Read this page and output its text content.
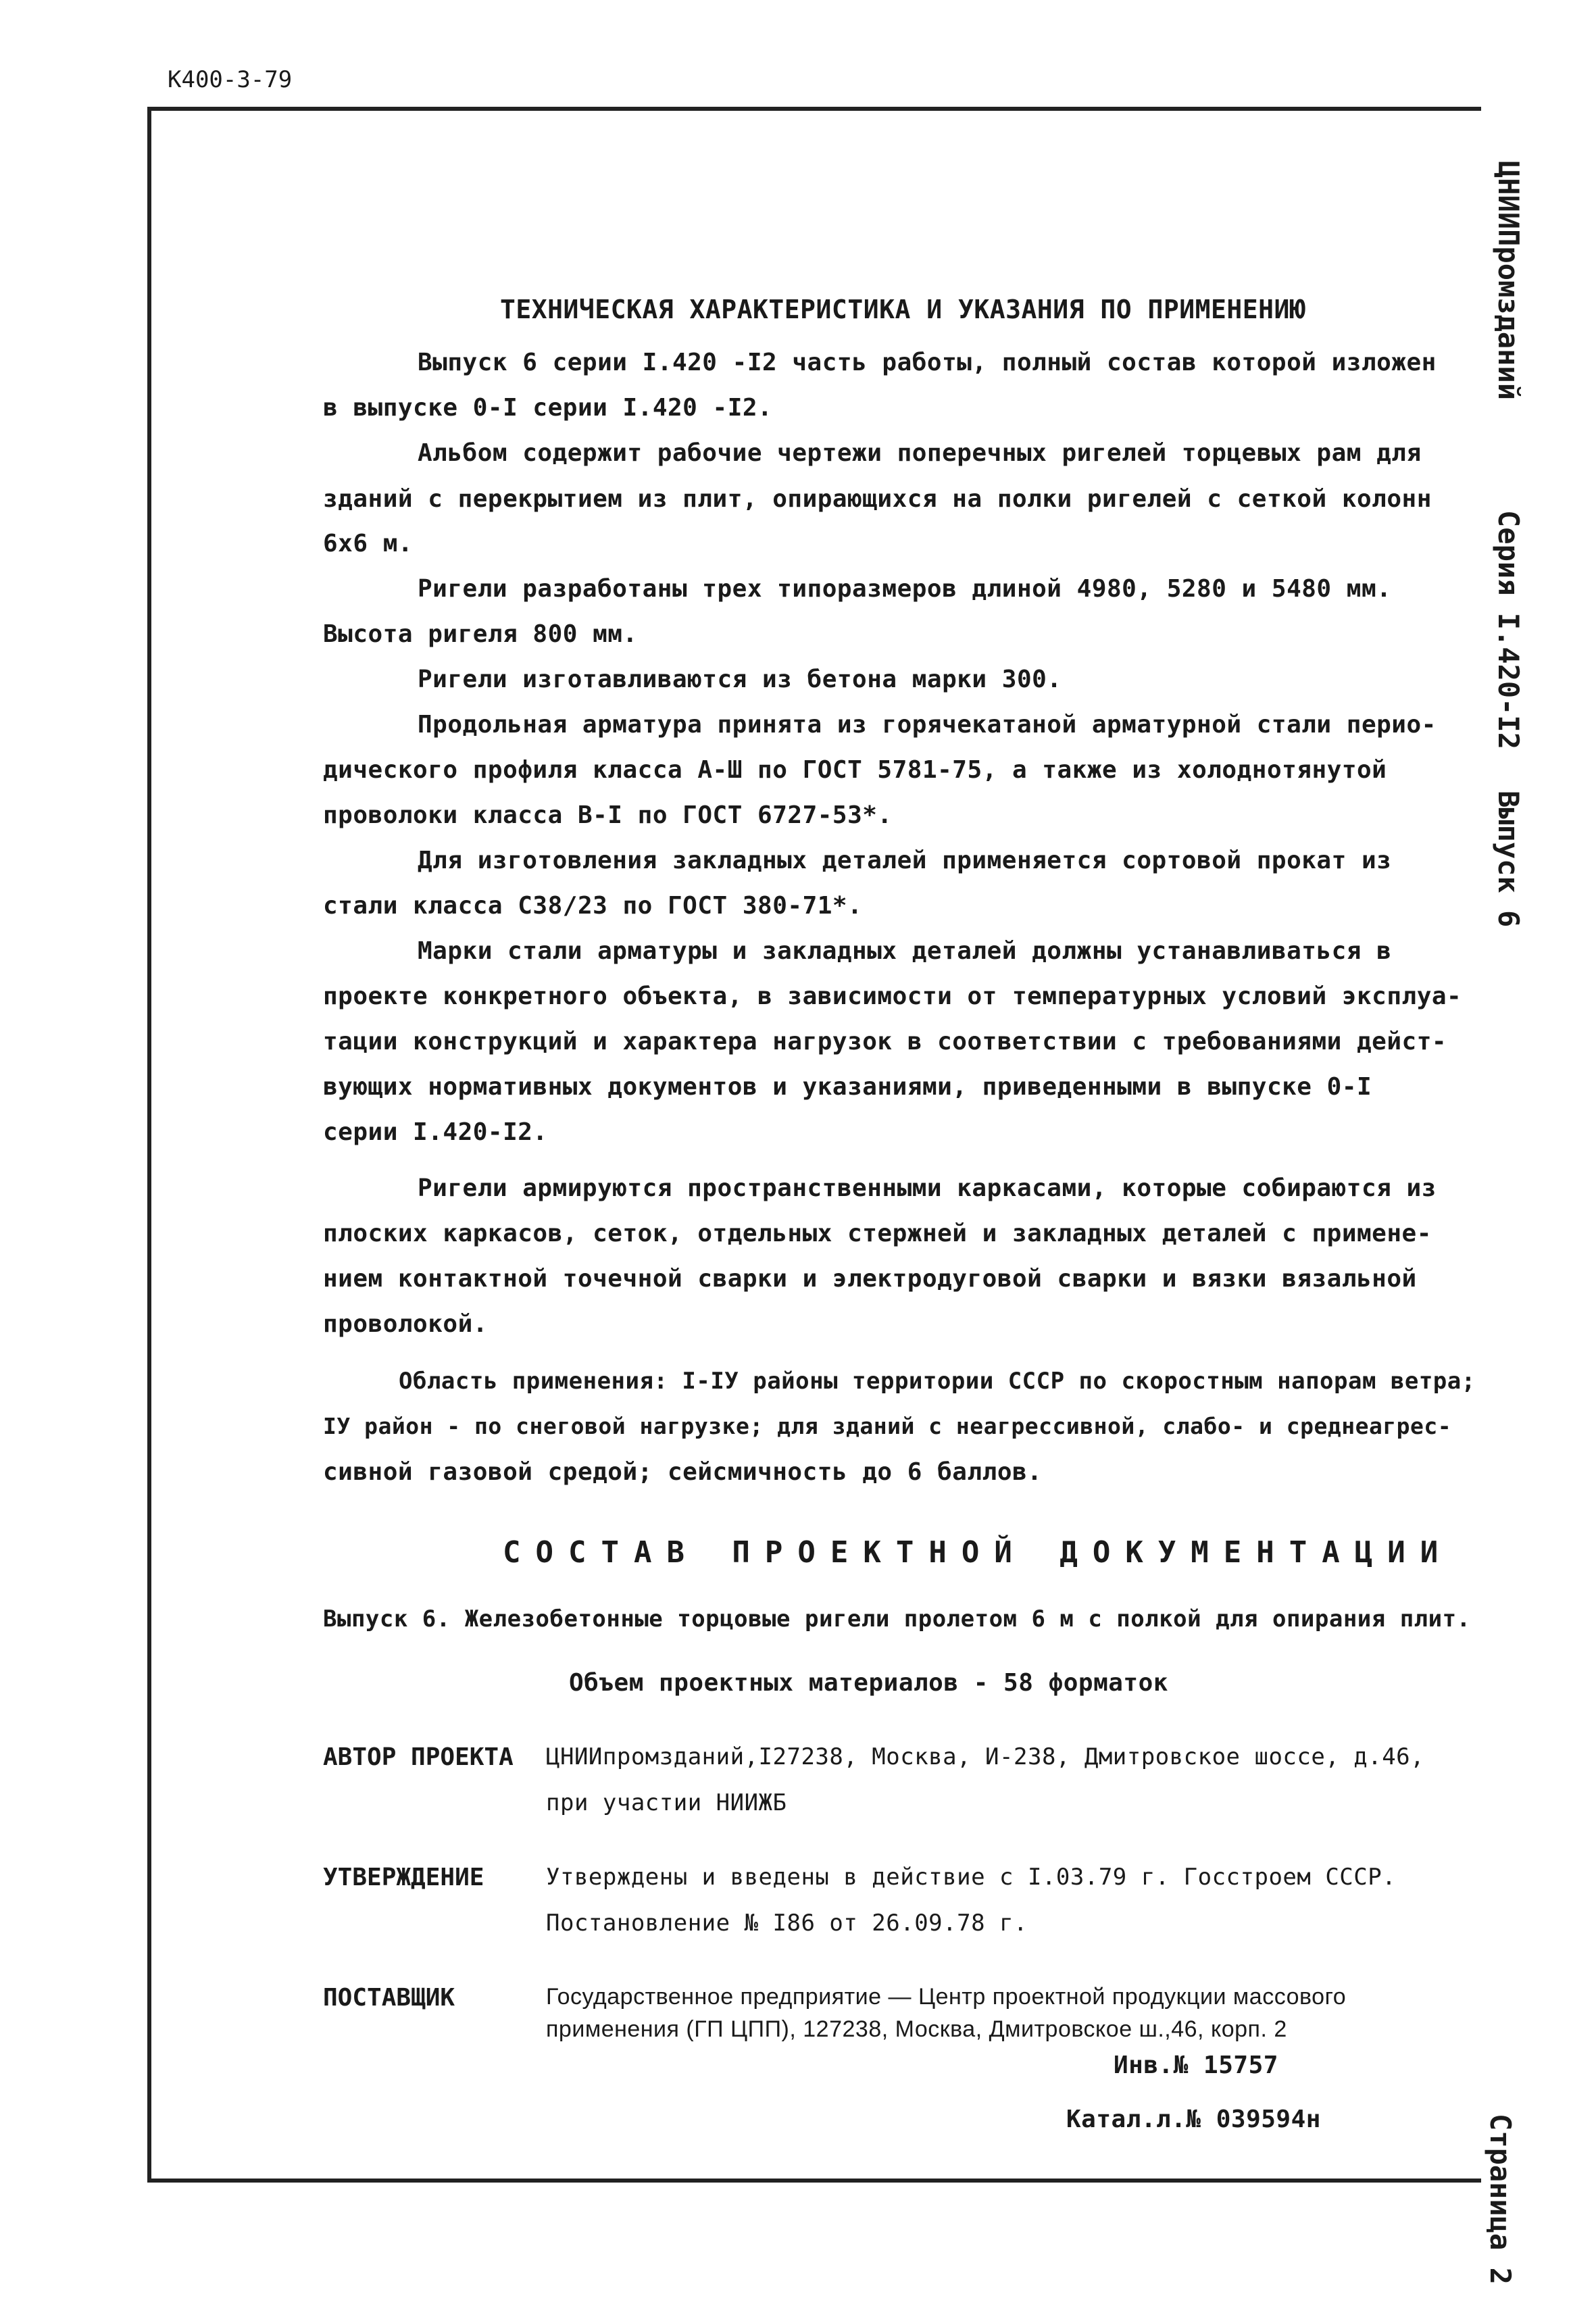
К400-3-79
ЦНИИПромзданий
Серия I.420-I2
Выпуск 6
Страница 2
ТЕХНИЧЕСКАЯ ХАРАКТЕРИСТИКА И УКАЗАНИЯ ПО ПРИМЕНЕНИЮ
Выпуск 6 серии I.420 -I2 часть работы, полный состав которой изложен
в выпуске 0-I серии I.420 -I2.
Альбом содержит рабочие чертежи поперечных ригелей торцевых рам для
зданий с перекрытием из плит, опирающихся на полки ригелей с сеткой колонн
6x6 м.
Ригели разработаны трех типоразмеров длиной 4980, 5280 и 5480 мм.
Высота ригеля 800 мм.
Ригели изготавливаются из бетона марки 300.
Продольная арматура принята из горячекатаной арматурной стали перио-
дического профиля класса А-Ш по ГОСТ 5781-75, а также из холоднотянутой
проволоки класса В-I по ГОСТ 6727-53*.
Для изготовления закладных деталей применяется сортовой прокат из
стали класса С38/23 по ГОСТ 380-71*.
Марки стали арматуры и закладных деталей должны устанавливаться в
проекте конкретного объекта, в зависимости от температурных условий эксплуа-
тации конструкций и характера нагрузок в соответствии с требованиями дейст-
вующих нормативных документов и указаниями, приведенными в выпуске 0-I
серии I.420-I2.
Ригели армируются пространственными каркасами, которые собираются из
плоских каркасов, сеток, отдельных стержней и закладных деталей с примене-
нием контактной точечной сварки и электродуговой сварки и вязки вязальной
проволокой.
Область применения: I-IУ районы территории СССР по скоростным напорам ветра;
IУ район - по снеговой нагрузке; для зданий с неагрессивной, слабо- и среднеагрес-
сивной газовой средой; сейсмичность до 6 баллов.
СОСТАВ ПРОЕКТНОЙ ДОКУМЕНТАЦИИ
Выпуск 6. Железобетонные торцовые ригели пролетом 6 м с полкой для опирания плит.
Объем проектных материалов - 58 форматок
АВТОР ПРОЕКТА ЦНИИпромзданий,I27238, Москва, И-238, Дмитровское шоссе, д.46,
при участии НИИЖБ
УТВЕРЖДЕНИЕ	Утверждены и введены в действие с I.03.79 г. Госстроем СССР.
Постановление № I86 от 26.09.78 г.
ПОСТАВЩИК	Государственное предприятие — Центр проектной продукции массового
применения (ГП ЦПП), 127238, Москва, Дмитровское ш.,46, корп. 2
Инв.№ 15757
Катал.л.№ 039594н
